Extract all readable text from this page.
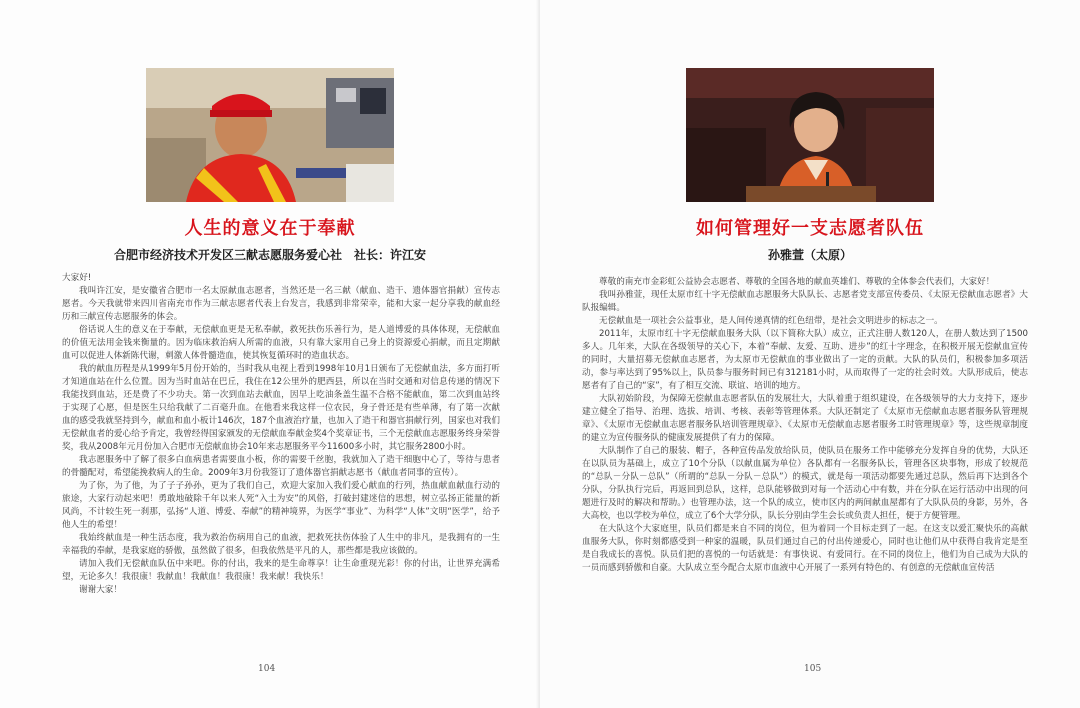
人生的意义在于奉献
合肥市经济技术开发区三献志愿服务爱心社　社长：许江安

大家好!

我叫许江安，是安徽省合肥市一名太原献血志愿者，当然还是一名三献（献血、造干、遗体器官捐献）宣传志愿者。今天我就带来四川省南充市作为三献志愿者代表上台发言，我感到非常荣幸，能和大家一起分享我的献血经历和三献宣传志愿服务的体会。

俗话说人生的意义在于奉献，无偿献血更是无私奉献，救死扶伤乐善行为，是人道博爱的具体体现，无偿献血的价值无法用金钱来衡量的。因为临床救治病人所需的血液，只有靠大家用自己身上的资源爱心捐献，而且定期献血可以促进人体新陈代谢，刺激人体骨髓造血，使其恢复循环时的造血状态。

我的献血历程是从1999年5月份开始的，当时我从电视上看到1998年10月1日颁布了无偿献血法，多方面打听才知道血站在什么位置。因为当时血站在巴丘，我住在12公里外的肥西县，所以在当时交通和对信息传递的情况下我能找到血站，还是费了不少功夫。第一次到血站去献血，因早上吃油条盖生温不合格不能献血，第二次到血站终于实现了心愿，但是医生只给我献了二百毫升血。在他看来我这样一位农民，身子骨还是有些单薄，有了第一次献血的感受我就坚持到今，献血和血小板计146次，187个血液治疗量，也加入了造干和器官捐献行列，国家也对我们无偿献血者的爱心给予肯定，我曾经得国家颁发的无偿献血奉献金奖4个奖章证书，三个无偿献血志愿服务终身荣誉奖，我从2008年元月份加入合肥市无偿献血协会10年来志愿服务平今11600多小时，其它服务2800小时。

我志愿服务中了解了很多白血病患者需要血小板，你的需要千丝胞，我就加入了造干细胞中心了，等待与患者的骨髓配对，希望能挽救病人的生命。2009年3月份我签订了遗体器官捐献志愿书（献血者同事的宣传）。

为了你，为了他，为了子子孙孙，更为了我们自己，欢迎大家加入我们爱心献血的行列，热血献血献血行动的旅途，大家行动起来吧！勇敢地破除千年以来人死“入土为安”的风俗，打破封建迷信的思想，树立弘扬正能量的新风尚，不计较生死一刹那，弘扬“人道、博爱、奉献”的精神境界，为医学“事业”、为科学“人体”文明“医学”，给予他人生的希望！

我始终献血是一种生活态度，我为救治伤病用自己的血液，把救死扶伤体验了人生中的非凡，是我拥有的一生幸福我的奉献，是我家庭的骄傲，虽然做了很多，但我依然是平凡的人，那些都是我应该做的。

请加入我们无偿献血队伍中来吧。你的付出，我来的是生命尊享！让生命重现光彩！你的付出，让世界充满希望，无论多久！我很康！我献血！我献血！我很康！我来献！我快乐！

谢谢大家！

104
如何管理好一支志愿者队伍
孙雅萱（太原）

尊敬的南充市金彩虹公益协会志愿者、尊敬的全国各地的献血英雄们、尊敬的全体参会代表们，大家好！

我叫孙雅萱，现任太原市红十字无偿献血志愿服务大队队长、志愿者党支部宣传委员、《太原无偿献血志愿者》大队报编辑。

无偿献血是一项社会公益事业，是人间传递真情的红色纽带，是社会文明进步的标志之一。

2011年，太原市红十字无偿献血服务大队（以下简称大队）成立，正式注册人数120人，在册人数达到了1500多人。几年来，大队在各级领导的关心下，本着“奉献、友爱、互助、进步”的红十字理念，在积极开展无偿献血宣传的同时，大量招募无偿献血志愿者，为太原市无偿献血的事业做出了一定的贡献。大队的队员们，积极参加多项活动，参与率达到了95%以上，队员参与服务时间已有312181小时，从而取得了一定的社会时效。大队形成后，使志愿者有了自己的“家”，有了相互交流、联谊、培训的地方。

大队初始阶段，为保障无偿献血志愿者队伍的发展壮大，大队着重于组织建设，在各级领导的大力支持下，逐步建立健全了指导、治理、选拔、培训、考核、表彰等管理体系。大队还制定了《太原市无偿献血志愿者服务队管理规章》、《太原市无偿献血志愿者服务队培训管理规章》、《太原市无偿献血志愿者服务工时管理规章》等，这些规章制度的建立为宣传服务队的健康发展提供了有力的保障。

大队制作了自己的服装、帽子，各种宣传品发放给队员，使队员在服务工作中能够充分发挥自身的优势，大队还在以队员为基础上，成立了10个分队（以献血属为单位）各队都有一名服务队长，管理各区块事物，形成了较规范的“总队－分队－总队”（所谓的“总队－分队－总队”）的模式，就是每一项活动都要先通过总队，然后再下达到各个分队，分队执行完后，再返回到总队，这样，总队能够做到对每一个活动心中有数，并在分队在运行活动中出现的问题进行及时的解决和帮助。）也管理办法，这一个队的成立，使市区内的两间献血屋都有了大队队员的身影，另外，各大高校，也以学校为单位，成立了6个大学分队，队长分别由学生会长或负责人担任，便于方便管理。

在大队这个大家庭里，队员们都是来自不同的岗位，但为着同一个目标走到了一起。在这支以爱汇聚快乐的高献血服务大队，你时刻都感受到一种家的温暖，队员们通过自己的付出传递爱心，同时也让他们从中获得自我肯定是至是自我成长的喜悦。队员们把的喜悦的一句话就是：有事快说、有爱同行。在不同的岗位上，他们为自己成为大队的一员而感到骄傲和自豪。大队成立至今配合太原市血液中心开展了一系列有特色的、有创意的无偿献血宣传活

105
